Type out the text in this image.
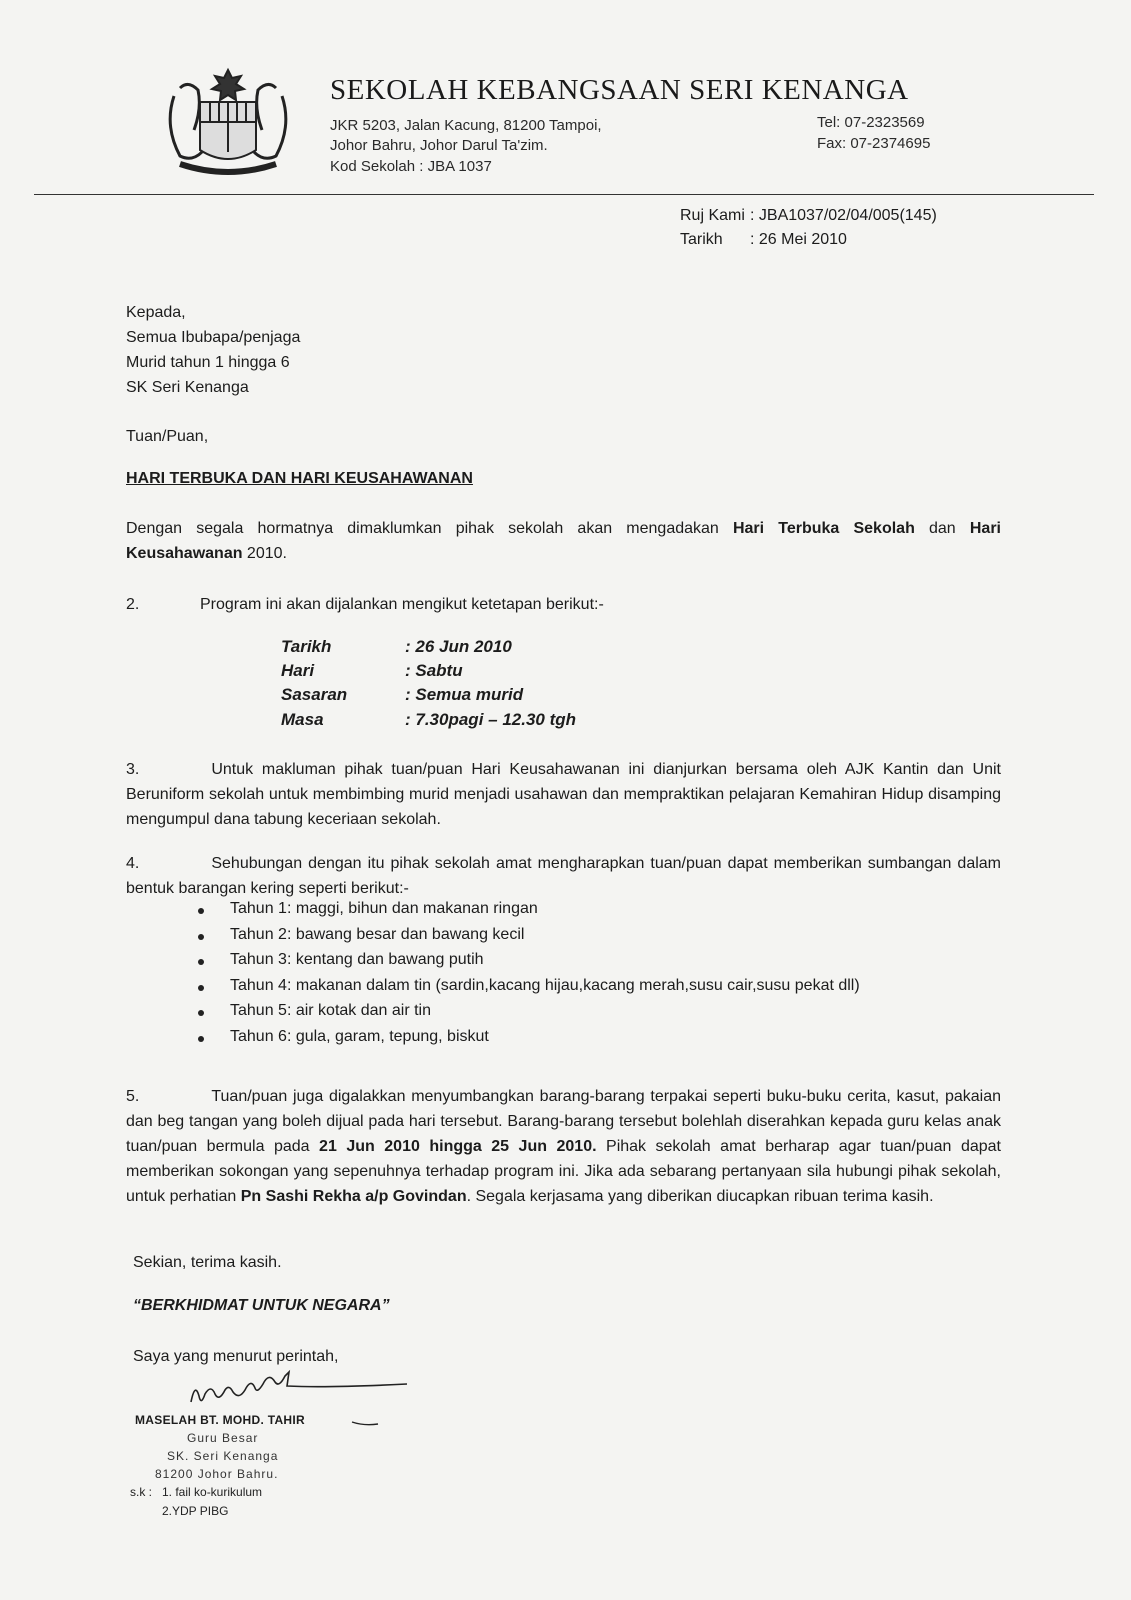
SEKOLAH KEBANGSAAN SERI KENANGA
JKR 5203, Jalan Kacung, 81200 Tampoi,
Johor Bahru, Johor Darul Ta'zim.
Kod Sekolah : JBA 1037
Tel: 07-2323569
Fax: 07-2374695
Ruj Kami : JBA1037/02/04/005(145)
Tarikh : 26 Mei 2010
Kepada,
Semua Ibubapa/penjaga
Murid tahun 1 hingga 6
SK Seri Kenanga
Tuan/Puan,
HARI TERBUKA DAN HARI KEUSAHAWANAN
Dengan segala hormatnya dimaklumkan pihak sekolah akan mengadakan Hari Terbuka Sekolah dan Hari Keusahawanan 2010.
2.	Program ini akan dijalankan mengikut ketetapan berikut:-
Tarikh	: 26 Jun 2010
Hari	: Sabtu
Sasaran	: Semua murid
Masa	: 7.30pagi – 12.30 tgh
3.	Untuk makluman pihak tuan/puan Hari Keusahawanan ini dianjurkan bersama oleh AJK Kantin dan Unit Beruniform sekolah untuk membimbing murid menjadi usahawan dan mempraktikan pelajaran Kemahiran Hidup disamping mengumpul dana tabung keceriaan sekolah.
4.	Sehubungan dengan itu pihak sekolah amat mengharapkan tuan/puan dapat memberikan sumbangan dalam bentuk barangan kering seperti berikut:-
Tahun 1: maggi, bihun dan makanan ringan
Tahun 2: bawang besar dan bawang kecil
Tahun 3: kentang dan bawang putih
Tahun 4: makanan dalam tin (sardin,kacang hijau,kacang merah,susu cair,susu pekat dll)
Tahun 5: air kotak dan air tin
Tahun 6: gula, garam, tepung, biskut
5.	Tuan/puan juga digalakkan menyumbangkan barang-barang terpakai seperti buku-buku cerita, kasut, pakaian dan beg tangan yang boleh dijual pada hari tersebut. Barang-barang tersebut bolehlah diserahkan kepada guru kelas anak tuan/puan bermula pada 21 Jun 2010 hingga 25 Jun 2010. Pihak sekolah amat berharap agar tuan/puan dapat memberikan sokongan yang sepenuhnya terhadap program ini. Jika ada sebarang pertanyaan sila hubungi pihak sekolah, untuk perhatian Pn Sashi Rekha a/p Govindan. Segala kerjasama yang diberikan diucapkan ribuan terima kasih.
Sekian, terima kasih.
“BERKHIDMAT UNTUK NEGARA”
Saya yang menurut perintah,
MASELAH BT. MOHD. TAHIR
Guru Besar
SK. Seri Kenanga
81200 Johor Bahru.
s.k : 1. fail ko-kurikulum
2.YDP PIBG
